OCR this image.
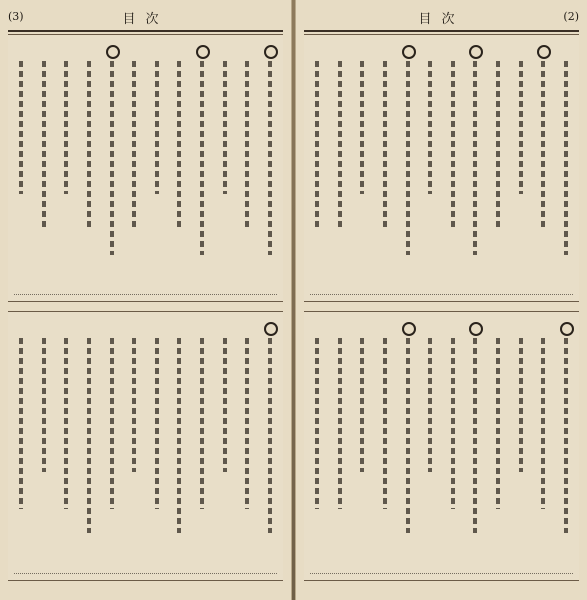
(3)	目次	目次	(2)
